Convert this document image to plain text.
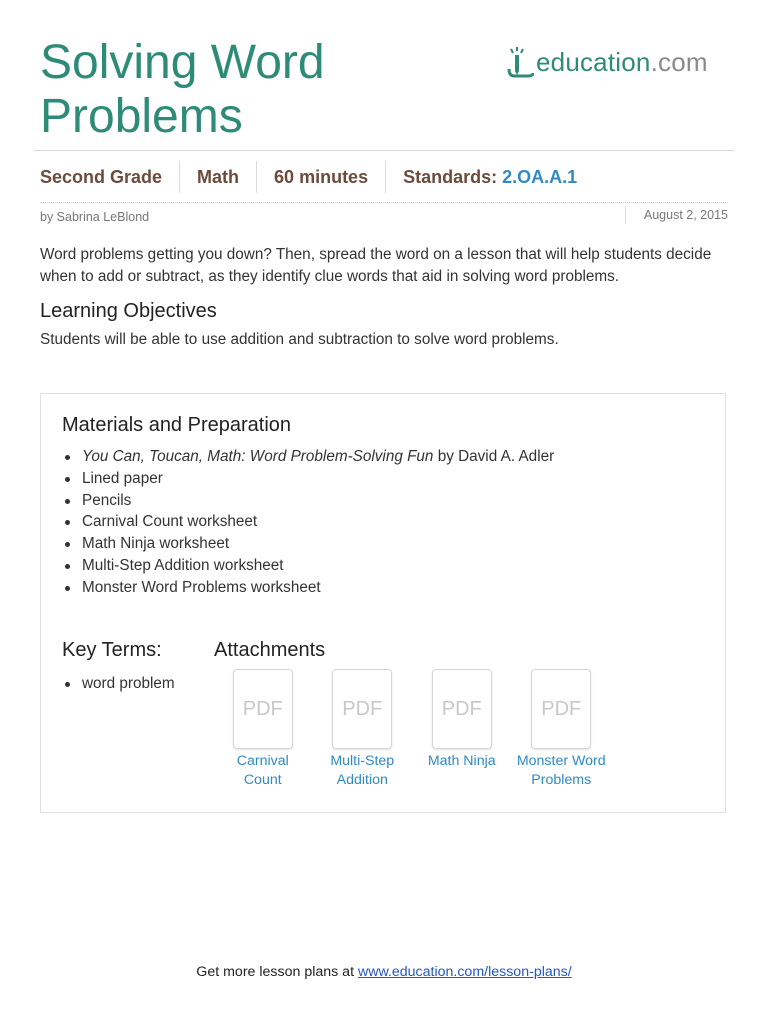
Solving Word Problems
education.com
Second Grade	Math	60 minutes	Standards: 2.OA.A.1
by Sabrina LeBlond	August 2, 2015

Word problems getting you down? Then, spread the word on a lesson that will help students decide when to add or subtract, as they identify clue words that aid in solving word problems.

Learning Objectives
Students will be able to use addition and subtraction to solve word problems.
Materials and Preparation
You Can, Toucan, Math: Word Problem-Solving Fun by David A. Adler
Lined paper
Pencils
Carnival Count worksheet
Math Ninja worksheet
Multi-Step Addition worksheet
Monster Word Problems worksheet
Key Terms:
word problem
Attachments
PDF
Carnival Count
PDF
Multi-Step Addition
PDF
Math Ninja
PDF
Monster Word Problems
Get more lesson plans at www.education.com/lesson-plans/
